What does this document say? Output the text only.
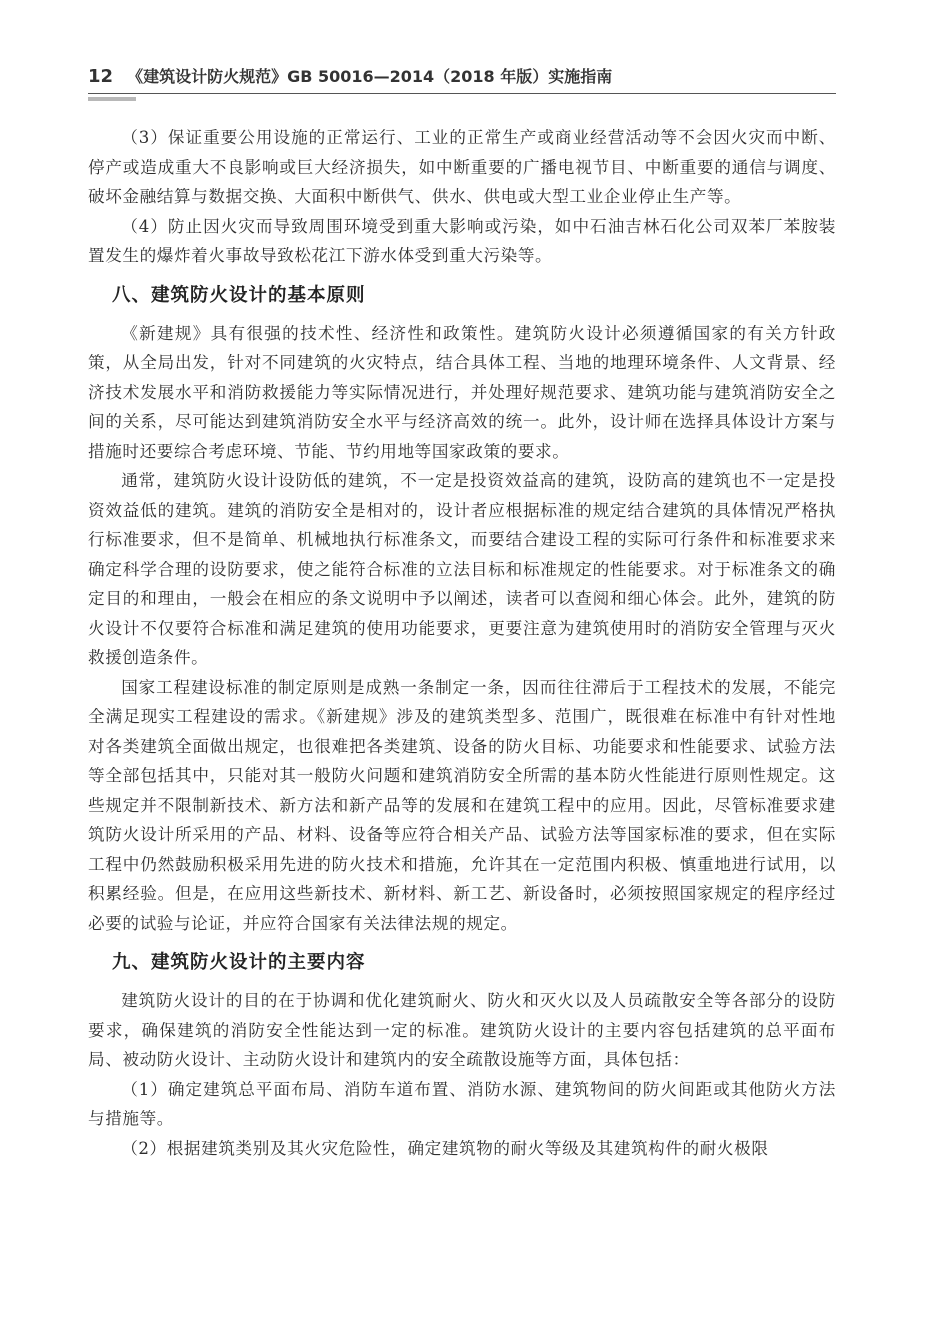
12 《建筑设计防火规范》GB 50016—2014（2018 年版）实施指南

（3）保证重要公用设施的正常运行、工业的正常生产或商业经营活动等不会因火灾而中断、停产或造成重大不良影响或巨大经济损失，如中断重要的广播电视节目、中断重要的通信与调度、破坏金融结算与数据交换、大面积中断供气、供水、供电或大型工业企业停止生产等。

（4）防止因火灾而导致周围环境受到重大影响或污染，如中石油吉林石化公司双苯厂苯胺装置发生的爆炸着火事故导致松花江下游水体受到重大污染等。

八、建筑防火设计的基本原则

《新建规》具有很强的技术性、经济性和政策性。建筑防火设计必须遵循国家的有关方针政策，从全局出发，针对不同建筑的火灾特点，结合具体工程、当地的地理环境条件、人文背景、经济技术发展水平和消防救援能力等实际情况进行，并处理好规范要求、建筑功能与建筑消防安全之间的关系，尽可能达到建筑消防安全水平与经济高效的统一。此外，设计师在选择具体设计方案与措施时还要综合考虑环境、节能、节约用地等国家政策的要求。

通常，建筑防火设计设防低的建筑，不一定是投资效益高的建筑，设防高的建筑也不一定是投资效益低的建筑。建筑的消防安全是相对的，设计者应根据标准的规定结合建筑的具体情况严格执行标准要求，但不是简单、机械地执行标准条文，而要结合建设工程的实际可行条件和标准要求来确定科学合理的设防要求，使之能符合标准的立法目标和标准规定的性能要求。对于标准条文的确定目的和理由，一般会在相应的条文说明中予以阐述，读者可以查阅和细心体会。此外，建筑的防火设计不仅要符合标准和满足建筑的使用功能要求，更要注意为建筑使用时的消防安全管理与灭火救援创造条件。

国家工程建设标准的制定原则是成熟一条制定一条，因而往往滞后于工程技术的发展，不能完全满足现实工程建设的需求。《新建规》涉及的建筑类型多、范围广，既很难在标准中有针对性地对各类建筑全面做出规定，也很难把各类建筑、设备的防火目标、功能要求和性能要求、试验方法等全部包括其中，只能对其一般防火问题和建筑消防安全所需的基本防火性能进行原则性规定。这些规定并不限制新技术、新方法和新产品等的发展和在建筑工程中的应用。因此，尽管标准要求建筑防火设计所采用的产品、材料、设备等应符合相关产品、试验方法等国家标准的要求，但在实际工程中仍然鼓励积极采用先进的防火技术和措施，允许其在一定范围内积极、慎重地进行试用，以积累经验。但是，在应用这些新技术、新材料、新工艺、新设备时，必须按照国家规定的程序经过必要的试验与论证，并应符合国家有关法律法规的规定。

九、建筑防火设计的主要内容

建筑防火设计的目的在于协调和优化建筑耐火、防火和灭火以及人员疏散安全等各部分的设防要求，确保建筑的消防安全性能达到一定的标准。建筑防火设计的主要内容包括建筑的总平面布局、被动防火设计、主动防火设计和建筑内的安全疏散设施等方面，具体包括：

（1）确定建筑总平面布局、消防车道布置、消防水源、建筑物间的防火间距或其他防火方法与措施等。

（2）根据建筑类别及其火灾危险性，确定建筑物的耐火等级及其建筑构件的耐火极限
